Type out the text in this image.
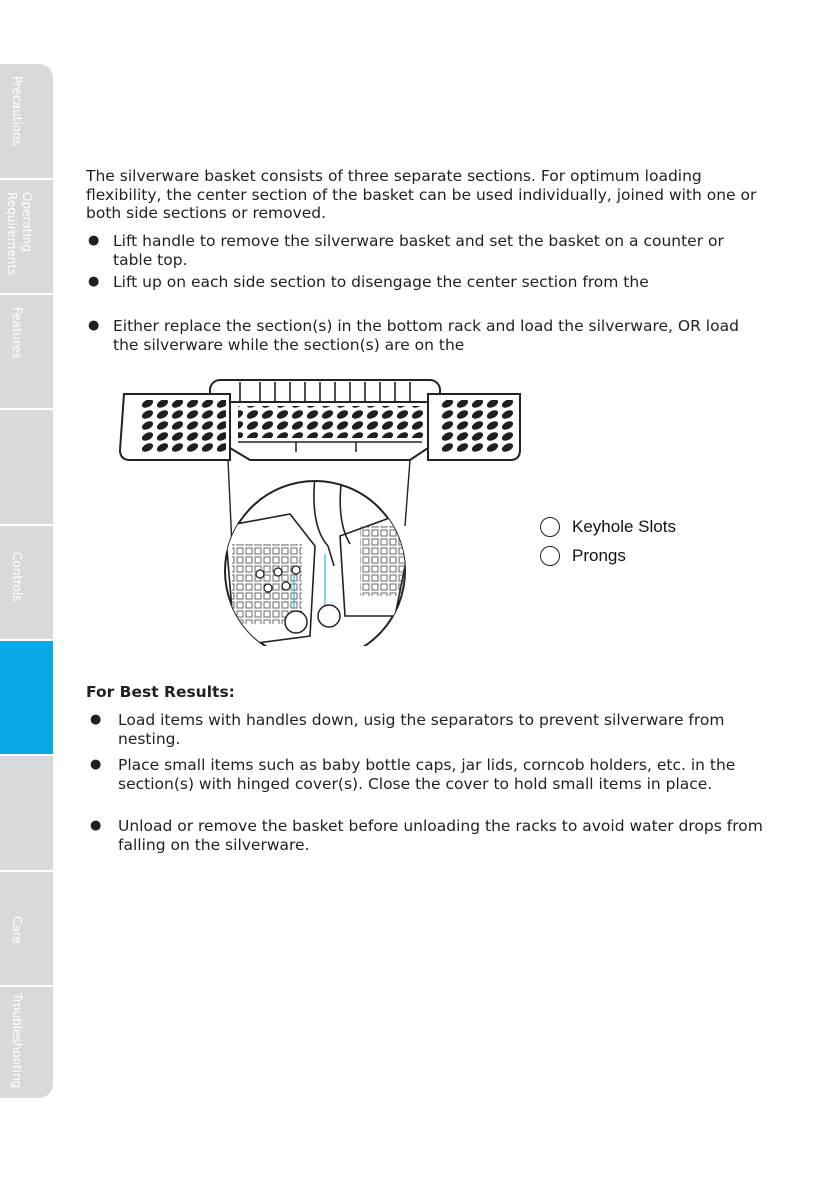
Precautions
Operating
Requirements
Features
Controls
Care
Troubleshooting

The silverware basket consists of three separate sections. For optimum loading flexibility, the center section of the basket can be used individually, joined with one or both side sections or removed.

● Lift handle to remove the silverware basket and set the basket on a counter or table top.
● Lift up on each side section to disengage the center section from the
● Either replace the section(s) in the bottom rack and load the silverware, OR load the silverware while the section(s) are on the
Keyhole Slots
Prongs

For Best Results:

● Load items with handles down, usig the separators to prevent silverware from nesting.
● Place small items such as baby bottle caps, jar lids, corncob holders, etc. in the section(s) with hinged cover(s). Close the cover to hold small items in place.
● Unload or remove the basket before unloading the racks to avoid water drops from falling on the silverware.
